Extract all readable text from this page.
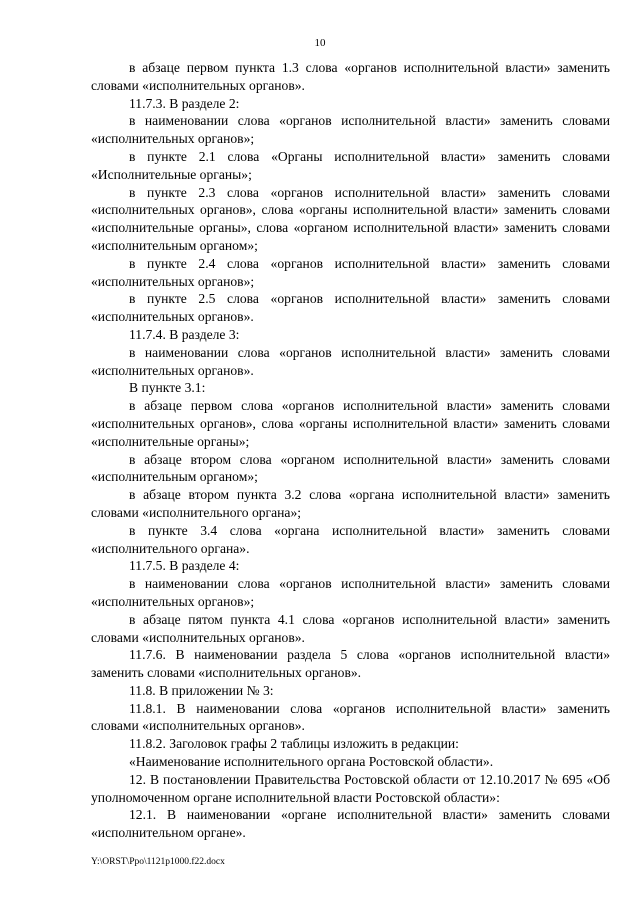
10

в абзаце первом пункта 1.3 слова «органов исполнительной власти» заменить словами «исполнительных органов».

11.7.3. В разделе 2:

в наименовании слова «органов исполнительной власти» заменить словами «исполнительных органов»;

в пункте 2.1 слова «Органы исполнительной власти» заменить словами «Исполнительные органы»;

в пункте 2.3 слова «органов исполнительной власти» заменить словами «исполнительных органов», слова «органы исполнительной власти» заменить словами «исполнительные органы», слова «органом исполнительной власти» заменить словами «исполнительным органом»;

в пункте 2.4 слова «органов исполнительной власти» заменить словами «исполнительных органов»;

в пункте 2.5 слова «органов исполнительной власти» заменить словами «исполнительных органов».

11.7.4. В разделе 3:

в наименовании слова «органов исполнительной власти» заменить словами «исполнительных органов».

В пункте 3.1:

в абзаце первом слова «органов исполнительной власти» заменить словами «исполнительных органов», слова «органы исполнительной власти» заменить словами «исполнительные органы»;

в абзаце втором слова «органом исполнительной власти» заменить словами «исполнительным органом»;

в абзаце втором пункта 3.2 слова «органа исполнительной власти» заменить словами «исполнительного органа»;

в пункте 3.4 слова «органа исполнительной власти» заменить словами «исполнительного органа».

11.7.5. В разделе 4:

в наименовании слова «органов исполнительной власти» заменить словами «исполнительных органов»;

в абзаце пятом пункта 4.1 слова «органов исполнительной власти» заменить словами «исполнительных органов».

11.7.6. В наименовании раздела 5 слова «органов исполнительной власти» заменить словами «исполнительных органов».

11.8. В приложении № 3:

11.8.1. В наименовании слова «органов исполнительной власти» заменить словами «исполнительных органов».

11.8.2. Заголовок графы 2 таблицы изложить в редакции:

«Наименование исполнительного органа Ростовской области».

12. В постановлении Правительства Ростовской области от 12.10.2017 № 695 «Об уполномоченном органе исполнительной власти Ростовской области»:

12.1. В наименовании «органе исполнительной власти» заменить словами «исполнительном органе».

Y:\ORST\Ppo\1121p1000.f22.docx
